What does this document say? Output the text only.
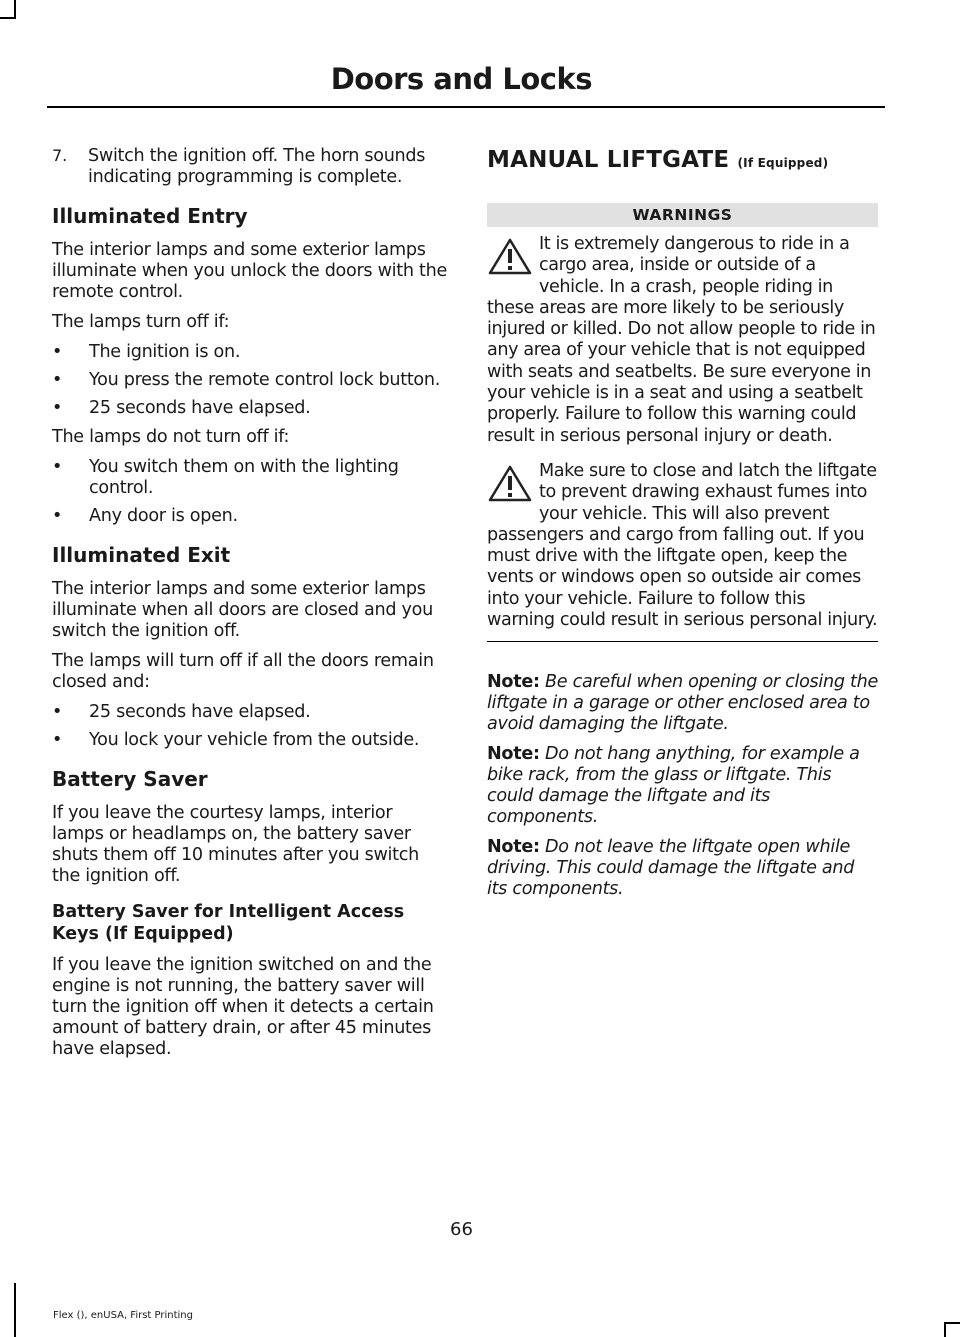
Doors and Locks
7.	Switch the ignition off. The horn sounds indicating programming is complete.

Illuminated Entry

The interior lamps and some exterior lamps illuminate when you unlock the doors with the remote control.

The lamps turn off if:

•	The ignition is on.
•	You press the remote control lock button.
•	25 seconds have elapsed.

The lamps do not turn off if:

•	You switch them on with the lighting control.
•	Any door is open.
Illuminated Exit

The interior lamps and some exterior lamps illuminate when all doors are closed and you switch the ignition off.

The lamps will turn off if all the doors remain closed and:

•	25 seconds have elapsed.
•	You lock your vehicle from the outside.
Battery Saver

If you leave the courtesy lamps, interior lamps or headlamps on, the battery saver shuts them off 10 minutes after you switch the ignition off.

Battery Saver for Intelligent Access Keys (If Equipped)

If you leave the ignition switched on and the engine is not running, the battery saver will turn the ignition off when it detects a certain amount of battery drain, or after 45 minutes have elapsed.

MANUAL LIFTGATE (If Equipped)
WARNINGS

It is extremely dangerous to ride in a cargo area, inside or outside of a vehicle. In a crash, people riding in these areas are more likely to be seriously injured or killed. Do not allow people to ride in any area of your vehicle that is not equipped with seats and seatbelts. Be sure everyone in your vehicle is in a seat and using a seatbelt properly. Failure to follow this warning could result in serious personal injury or death.

Make sure to close and latch the liftgate to prevent drawing exhaust fumes into your vehicle. This will also prevent passengers and cargo from falling out. If you must drive with the liftgate open, keep the vents or windows open so outside air comes into your vehicle. Failure to follow this warning could result in serious personal injury.

Note: Be careful when opening or closing the liftgate in a garage or other enclosed area to avoid damaging the liftgate.

Note: Do not hang anything, for example a bike rack, from the glass or liftgate. This could damage the liftgate and its components.

Note: Do not leave the liftgate open while driving. This could damage the liftgate and its components.

66
Flex (), enUSA, First Printing
